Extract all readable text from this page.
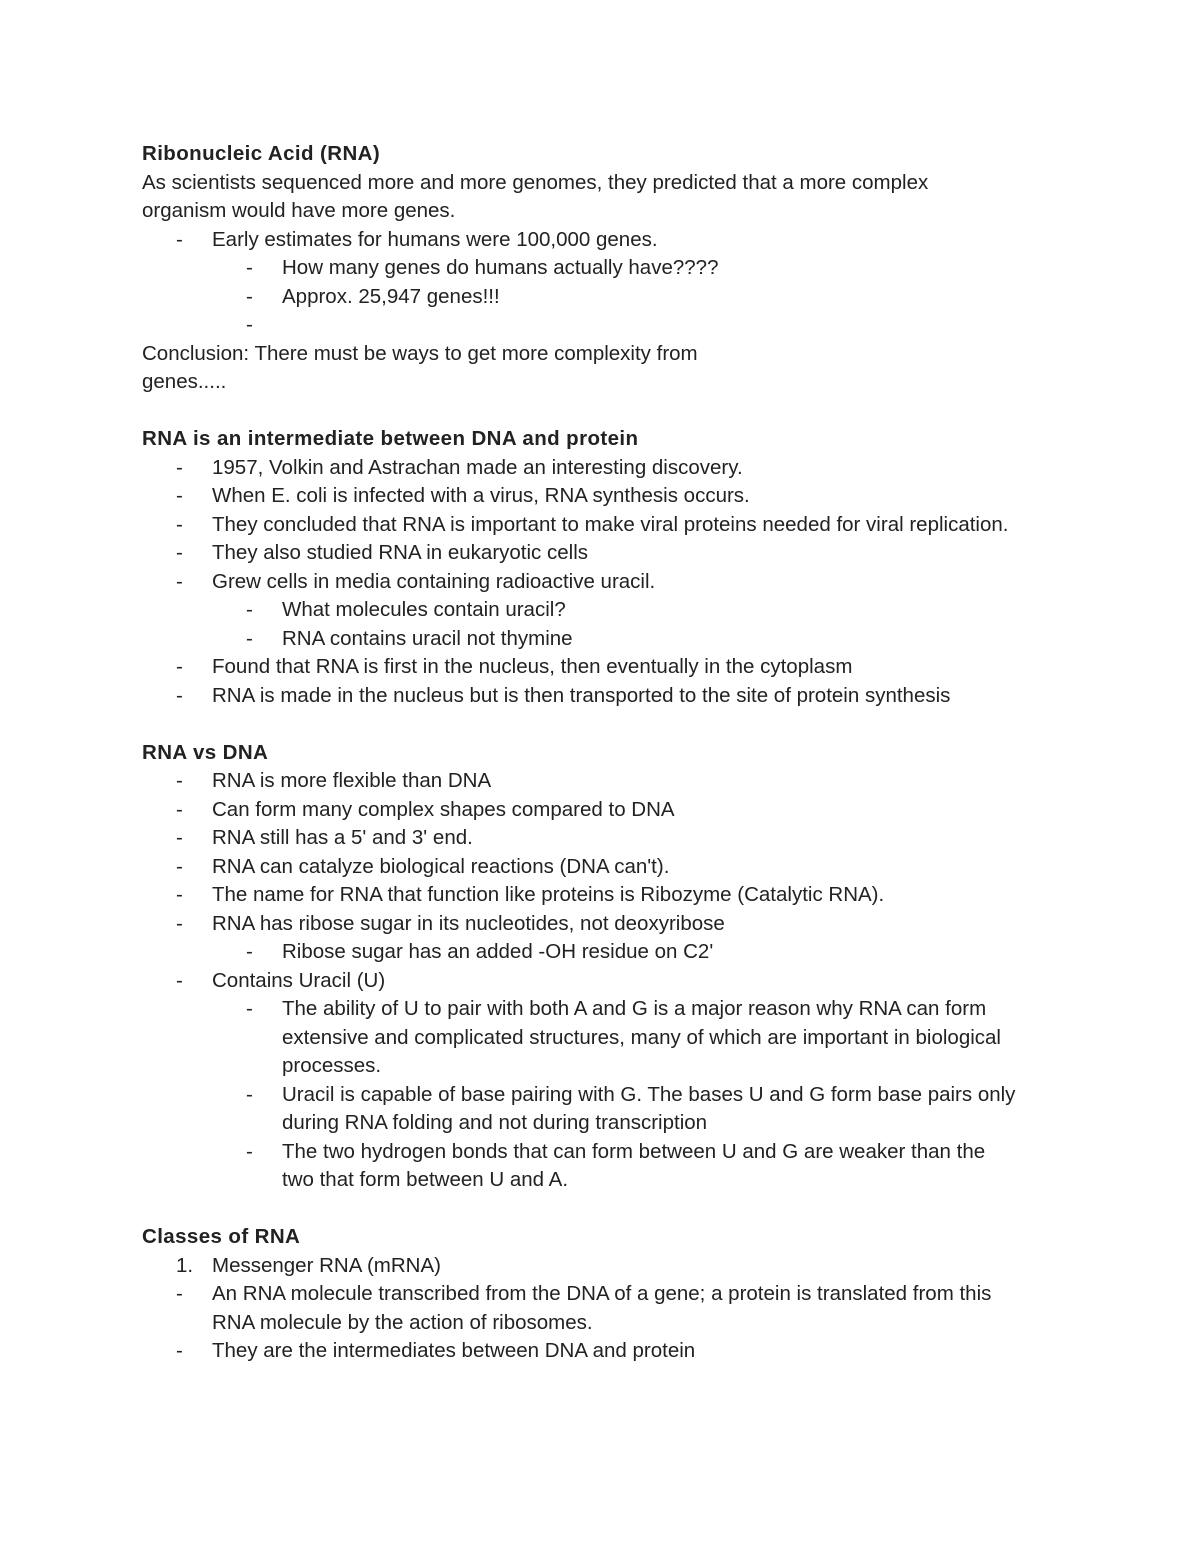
Ribonucleic Acid (RNA)
As scientists sequenced more and more genomes, they predicted that a more complex
organism would have more genes.
- Early estimates for humans were 100,000 genes.
- How many genes do humans actually have????
- Approx. 25,947 genes!!!
-
Conclusion: There must be ways to get more complexity from
genes.....
RNA is an intermediate between DNA and protein
- 1957, Volkin and Astrachan made an interesting discovery.
- When E. coli is infected with a virus, RNA synthesis occurs.
- They concluded that RNA is important to make viral proteins needed for viral replication.
- They also studied RNA in eukaryotic cells
- Grew cells in media containing radioactive uracil.
- What molecules contain uracil?
- RNA contains uracil not thymine
- Found that RNA is first in the nucleus, then eventually in the cytoplasm
- RNA is made in the nucleus but is then transported to the site of protein synthesis
RNA vs DNA
- RNA is more flexible than DNA
- Can form many complex shapes compared to DNA
- RNA still has a 5' and 3' end.
- RNA can catalyze biological reactions (DNA can't).
- The name for RNA that function like proteins is Ribozyme (Catalytic RNA).
- RNA has ribose sugar in its nucleotides, not deoxyribose
- Ribose sugar has an added -OH residue on C2'
- Contains Uracil (U)
- The ability of U to pair with both A and G is a major reason why RNA can form
extensive and complicated structures, many of which are important in biological
processes.
- Uracil is capable of base pairing with G. The bases U and G form base pairs only
during RNA folding and not during transcription
- The two hydrogen bonds that can form between U and G are weaker than the
two that form between U and A.
Classes of RNA
1. Messenger RNA (mRNA)
- An RNA molecule transcribed from the DNA of a gene; a protein is translated from this
RNA molecule by the action of ribosomes.
- They are the intermediates between DNA and protein
